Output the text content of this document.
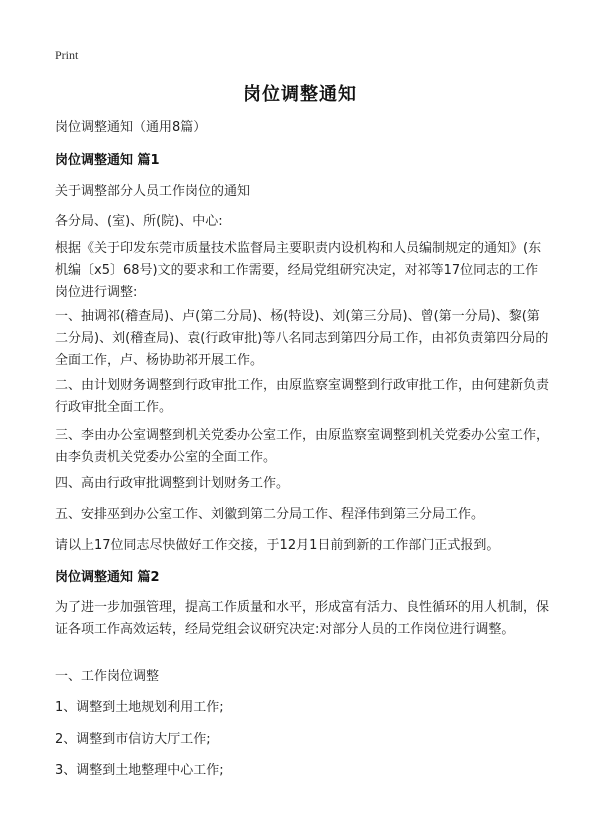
Print
岗位调整通知
岗位调整通知（通用8篇）
岗位调整通知 篇1
关于调整部分人员工作岗位的通知
各分局、(室)、所(院)、中心:
根据《关于印发东莞市质量技术监督局主要职责内设机构和人员编制规定的通知》(东机编〔x5〕68号)文的要求和工作需要，经局党组研究决定，对祁等17位同志的工作岗位进行调整:
一、抽调祁(稽查局)、卢(第二分局)、杨(特设)、刘(第三分局)、曾(第一分局)、黎(第二分局)、刘(稽查局)、袁(行政审批)等八名同志到第四分局工作，由祁负责第四分局的全面工作，卢、杨协助祁开展工作。
二、由计划财务调整到行政审批工作，由原监察室调整到行政审批工作，由何建新负责行政审批全面工作。
三、李由办公室调整到机关党委办公室工作，由原监察室调整到机关党委办公室工作，由李负责机关党委办公室的全面工作。
四、高由行政审批调整到计划财务工作。
五、安排巫到办公室工作、刘徽到第二分局工作、程泽伟到第三分局工作。
请以上17位同志尽快做好工作交接，于12月1日前到新的工作部门正式报到。
岗位调整通知 篇2
为了进一步加强管理，提高工作质量和水平，形成富有活力、良性循环的用人机制，保证各项工作高效运转，经局党组会议研究决定:对部分人员的工作岗位进行调整。
一、工作岗位调整
1、调整到土地规划利用工作;
2、调整到市信访大厅工作;
3、调整到土地整理中心工作;
